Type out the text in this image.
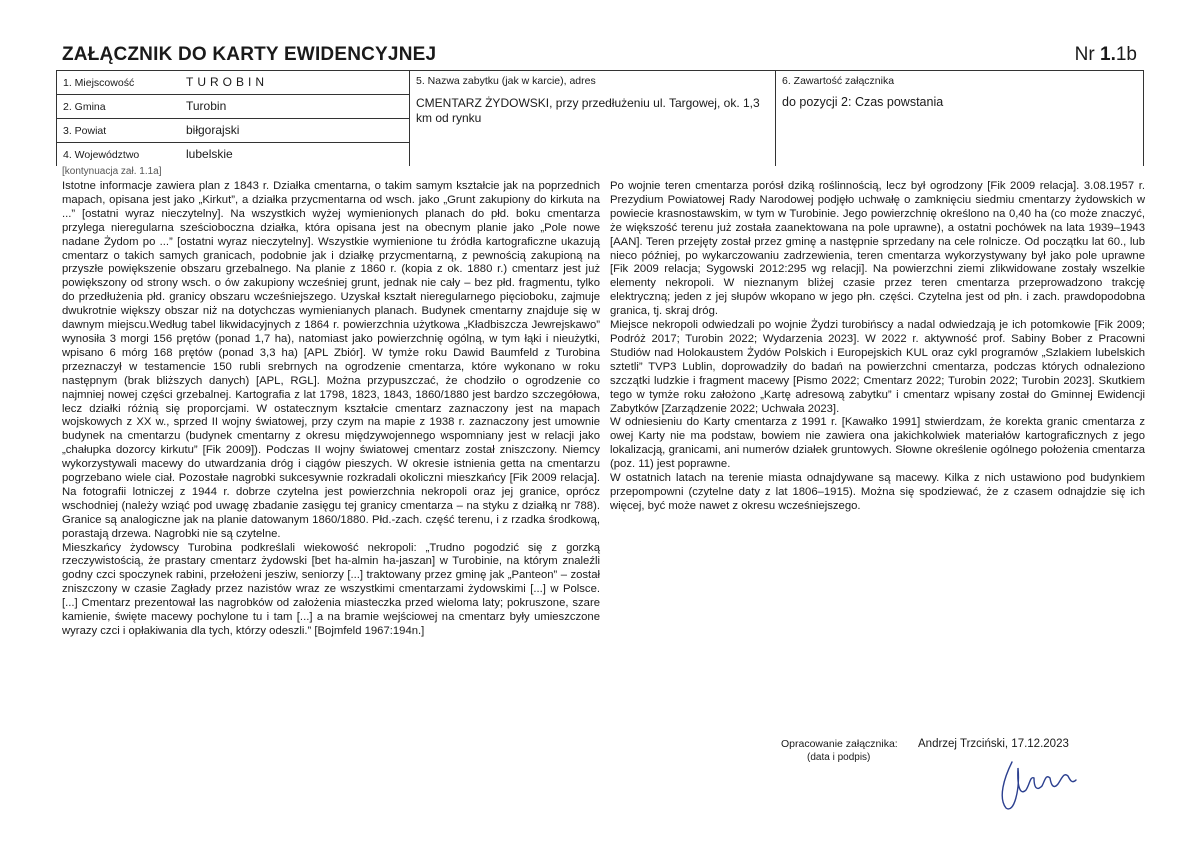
ZAŁĄCZNIK DO KARTY EWIDENCYJNEJ	Nr 1.1b
1. Miejscowość	TUROBIN
2. Gmina	Turobin
3. Powiat	biłgorajski
4. Województwo	lubelskie
5. Nazwa zabytku (jak w karcie), adres
CMENTARZ ŻYDOWSKI, przy przedłużeniu ul. Targowej, ok. 1,3 km od rynku
6. Zawartość załącznika
do pozycji 2: Czas powstania
[kontynuacja zał. 1.1a]

Istotne informacje zawiera plan z 1843 r. Działka cmentarna, o takim samym kształcie jak na poprzednich mapach, opisana jest jako „Kirkut”, a działka przycmentarna od wsch. jako „Grunt zakupiony do kirkuta na ...” [ostatni wyraz nieczytelny]. Na wszystkich wyżej wymienionych planach do płd. boku cmentarza przylega nieregularna sześcioboczna działka, która opisana jest na obecnym planie jako „Pole nowe nadane Żydom po ...” [ostatni wyraz nieczytelny]. Wszystkie wymienione tu źródła kartograficzne ukazują cmentarz o takich samych granicach, podobnie jak i działkę przycmentarną, z pewnością zakupioną na przyszłe powiększenie obszaru grzebalnego. Na planie z 1860 r. (kopia z ok. 1880 r.) cmentarz jest już powiększony od strony wsch. o ów zakupiony wcześniej grunt, jednak nie cały – bez płd. fragmentu, tylko do przedłużenia płd. granicy obszaru wcześniejszego. Uzyskał kształt nieregularnego pięcioboku, zajmuje dwukrotnie większy obszar niż na dotychczas wymienianych planach. Budynek cmentarny znajduje się w dawnym miejscu.Według tabel likwidacyjnych z 1864 r. powierzchnia użytkowa „Kładbiszcza Jewrejskawo” wynosiła 3 morgi 156 prętów (ponad 1,7 ha), natomiast jako powierzchnię ogólną, w tym łąki i nieużytki, wpisano 6 mórg 168 prętów (ponad 3,3 ha) [APL Zbiór]. W tymże roku Dawid Baumfeld z Turobina przeznaczył w testamencie 150 rubli srebrnych na ogrodzenie cmentarza, które wykonano w roku następnym (brak bliższych danych) [APL, RGL]. Można przypuszczać, że chodziło o ogrodzenie co najmniej nowej części grzebalnej. Kartografia z lat 1798, 1823, 1843, 1860/1880 jest bardzo szczegółowa, lecz działki różnią się proporcjami. W ostatecznym kształcie cmentarz zaznaczony jest na mapach wojskowych z XX w., sprzed II wojny światowej, przy czym na mapie z 1938 r. zaznaczony jest umownie budynek na cmentarzu (budynek cmentarny z okresu międzywojennego wspomniany jest w relacji jako „chałupka dozorcy kirkutu” [Fik 2009]). Podczas II wojny światowej cmentarz został zniszczony. Niemcy wykorzystywali macewy do utwardzania dróg i ciągów pieszych. W okresie istnienia getta na cmentarzu pogrzebano wiele ciał. Pozostałe nagrobki sukcesywnie rozkradali okoliczni mieszkańcy [Fik 2009 relacja]. Na fotografii lotniczej z 1944 r. dobrze czytelna jest powierzchnia nekropoli oraz jej granice, oprócz wschodniej (należy wziąć pod uwagę zbadanie zasięgu tej granicy cmentarza – na styku z działką nr 788). Granice są analogiczne jak na planie datowanym 1860/1880. Płd.-zach. część terenu, i z rzadka środkową, porastają drzewa. Nagrobki nie są czytelne.

Mieszkańcy żydowscy Turobina podkreślali wiekowość nekropoli: „Trudno pogodzić się z gorzką rzeczywistością, że prastary cmentarz żydowski [bet ha-almin ha-jaszan] w Turobinie, na którym znaleźli godny czci spoczynek rabini, przełożeni jesziw, seniorzy [...] traktowany przez gminę jak „Panteon” – został zniszczony w czasie Zagłady przez nazistów wraz ze wszystkimi cmentarzami żydowskimi [...] w Polsce. [...] Cmentarz prezentował las nagrobków od założenia miasteczka przed wieloma laty; pokruszone, szare kamienie, święte macewy pochylone tu i tam [...] a na bramie wejściowej na cmentarz były umieszczone wyrazy czci i opłakiwania dla tych, którzy odeszli.” [Bojmfeld 1967:194n.]

Po wojnie teren cmentarza porósł dziką roślinnością, lecz był ogrodzony [Fik 2009 relacja]. 3.08.1957 r. Prezydium Powiatowej Rady Narodowej podjęło uchwałę o zamknięciu siedmiu cmentarzy żydowskich w powiecie krasnostawskim, w tym w Turobinie. Jego powierzchnię określono na 0,40 ha (co może znaczyć, że większość terenu już została zaanektowana na pole uprawne), a ostatni pochówek na lata 1939–1943 [AAN]. Teren przejęty został przez gminę a następnie sprzedany na cele rolnicze. Od początku lat 60., lub nieco później, po wykarczowaniu zadrzewienia, teren cmentarza wykorzystywany był jako pole uprawne [Fik 2009 relacja; Sygowski 2012:295 wg relacji]. Na powierzchni ziemi zlikwidowane zostały wszelkie elementy nekropoli. W nieznanym bliżej czasie przez teren cmentarza przeprowadzono trakcję elektryczną; jeden z jej słupów wkopano w jego płn. części. Czytelna jest od płn. i zach. prawdopodobna granica, tj. skraj dróg.

Miejsce nekropoli odwiedzali po wojnie Żydzi turobińscy a nadal odwiedzają je ich potomkowie [Fik 2009; Podróż 2017; Turobin 2022; Wydarzenia 2023]. W 2022 r. aktywność prof. Sabiny Bober z Pracowni Studiów nad Holokaustem Żydów Polskich i Europejskich KUL oraz cykl programów „Szlakiem lubelskich sztetli” TVP3 Lublin, doprowadziły do badań na powierzchni cmentarza, podczas których odnaleziono szczątki ludzkie i fragment macewy [Pismo 2022; Cmentarz 2022; Turobin 2022; Turobin 2023]. Skutkiem tego w tymże roku założono „Kartę adresową zabytku” i cmentarz wpisany został do Gminnej Ewidencji Zabytków [Zarządzenie 2022; Uchwała 2023].

W odniesieniu do Karty cmentarza z 1991 r. [Kawałko 1991] stwierdzam, że korekta granic cmentarza z owej Karty nie ma podstaw, bowiem nie zawiera ona jakichkolwiek materiałów kartograficznych z jego lokalizacją, granicami, ani numerów działek gruntowych. Słowne określenie ogólnego położenia cmentarza (poz. 11) jest poprawne.

W ostatnich latach na terenie miasta odnajdywane są macewy. Kilka z nich ustawiono pod budynkiem przepompowni (czytelne daty z lat 1806–1915). Można się spodziewać, że z czasem odnajdzie się ich więcej, być może nawet z okresu wcześniejszego.

Opracowanie załącznika: Andrzej Trzciński, 17.12.2023
(data i podpis)
